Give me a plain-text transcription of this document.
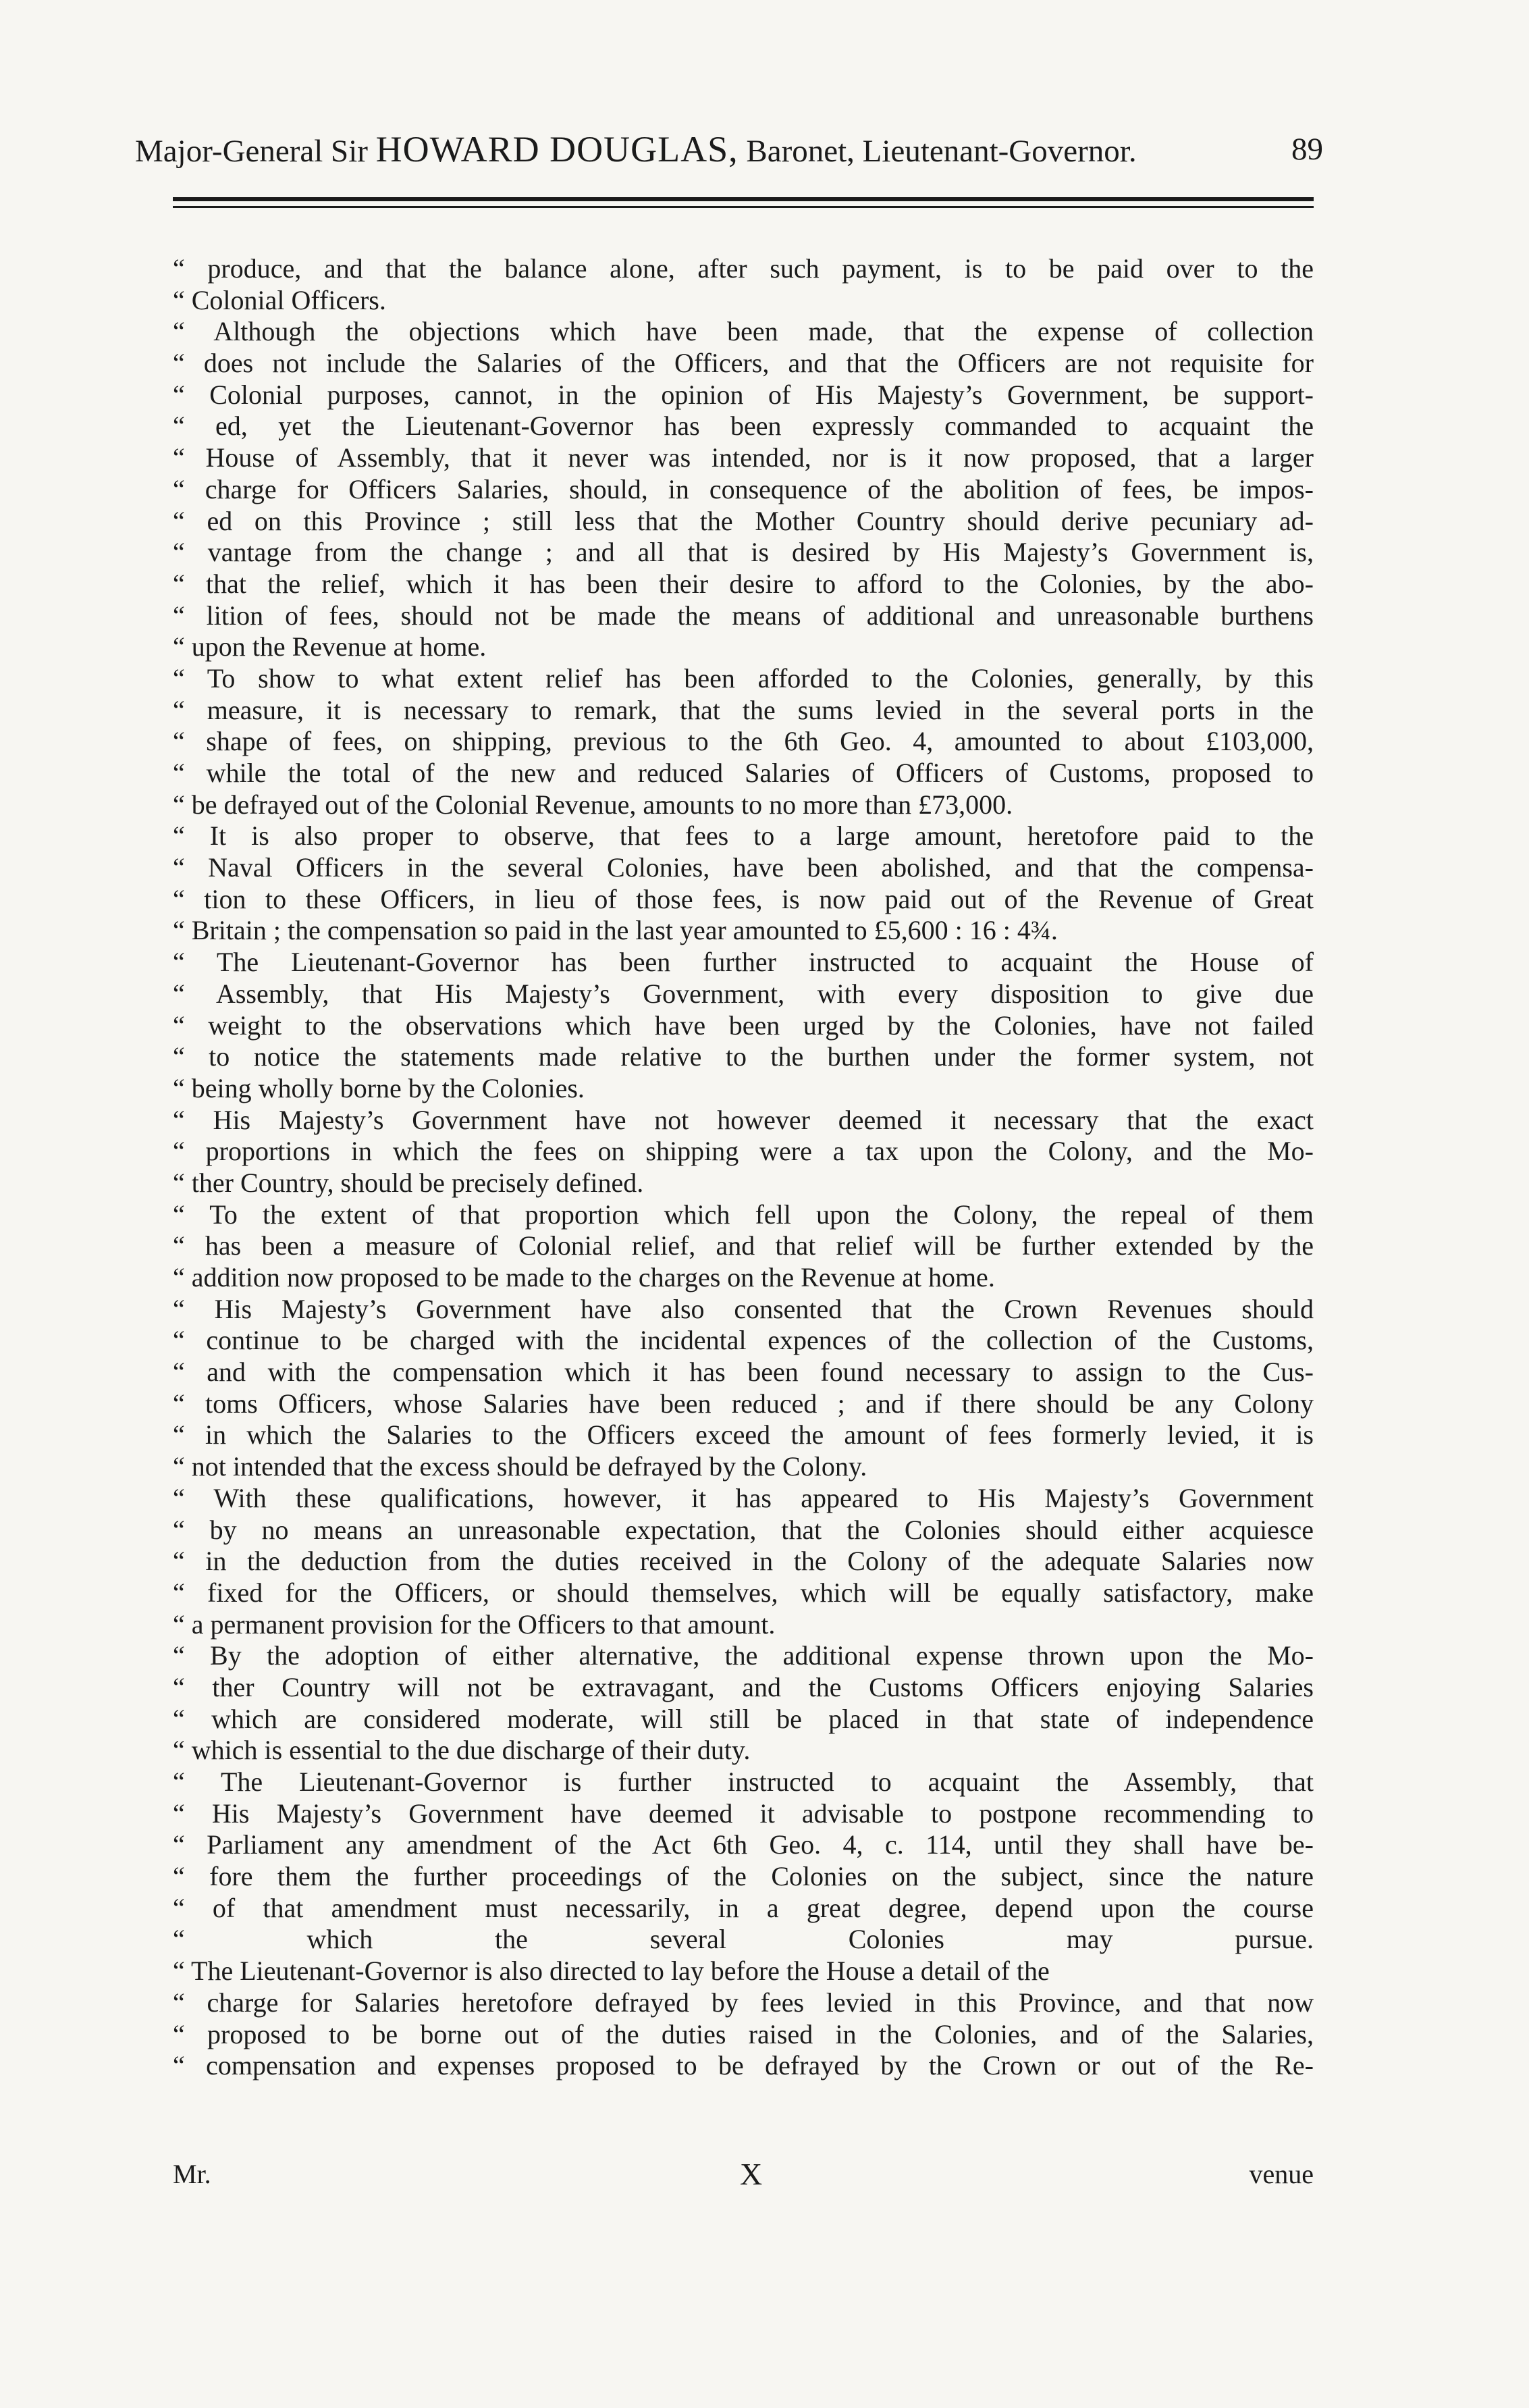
Major-General Sir HOWARD DOUGLAS, Baronet, Lieutenant-Governor.	89
“ produce, and that the balance alone, after such payment, is to be paid over to the
“ Colonial Officers.
“ Although the objections which have been made, that the expense of collection
“ does not include the Salaries of the Officers, and that the Officers are not requisite for
“ Colonial purposes, cannot, in the opinion of His Majesty’s Government, be support-
“ ed, yet the Lieutenant-Governor has been expressly commanded to acquaint the
“ House of Assembly, that it never was intended, nor is it now proposed, that a larger
“ charge for Officers Salaries, should, in consequence of the abolition of fees, be impos-
“ ed on this Province ; still less that the Mother Country should derive pecuniary ad-
“ vantage from the change ; and all that is desired by His Majesty’s Government is,
“ that the relief, which it has been their desire to afford to the Colonies, by the abo-
“ lition of fees, should not be made the means of additional and unreasonable burthens
“ upon the Revenue at home.
“ To show to what extent relief has been afforded to the Colonies, generally, by this
“ measure, it is necessary to remark, that the sums levied in the several ports in the
“ shape of fees, on shipping, previous to the 6th Geo. 4, amounted to about £103,000,
“ while the total of the new and reduced Salaries of Officers of Customs, proposed to
“ be defrayed out of the Colonial Revenue, amounts to no more than £73,000.
“ It is also proper to observe, that fees to a large amount, heretofore paid to the
“ Naval Officers in the several Colonies, have been abolished, and that the compensa-
“ tion to these Officers, in lieu of those fees, is now paid out of the Revenue of Great
“ Britain ; the compensation so paid in the last year amounted to £5,600 : 16 : 4¾.
“ The Lieutenant-Governor has been further instructed to acquaint the House of
“ Assembly, that His Majesty’s Government, with every disposition to give due
“ weight to the observations which have been urged by the Colonies, have not failed
“ to notice the statements made relative to the burthen under the former system, not
“ being wholly borne by the Colonies.
“ His Majesty’s Government have not however deemed it necessary that the exact
“ proportions in which the fees on shipping were a tax upon the Colony, and the Mo-
“ ther Country, should be precisely defined.
“ To the extent of that proportion which fell upon the Colony, the repeal of them
“ has been a measure of Colonial relief, and that relief will be further extended by the
“ addition now proposed to be made to the charges on the Revenue at home.
“ His Majesty’s Government have also consented that the Crown Revenues should
“ continue to be charged with the incidental expences of the collection of the Customs,
“ and with the compensation which it has been found necessary to assign to the Cus-
“ toms Officers, whose Salaries have been reduced ; and if there should be any Colony
“ in which the Salaries to the Officers exceed the amount of fees formerly levied, it is
“ not intended that the excess should be defrayed by the Colony.
“ With these qualifications, however, it has appeared to His Majesty’s Government
“ by no means an unreasonable expectation, that the Colonies should either acquiesce
“ in the deduction from the duties received in the Colony of the adequate Salaries now
“ fixed for the Officers, or should themselves, which will be equally satisfactory, make
“ a permanent provision for the Officers to that amount.
“ By the adoption of either alternative, the additional expense thrown upon the Mo-
“ ther Country will not be extravagant, and the Customs Officers enjoying Salaries
“ which are considered moderate, will still be placed in that state of independence
“ which is essential to the due discharge of their duty.
“ The Lieutenant-Governor is further instructed to acquaint the Assembly, that
“ His Majesty’s Government have deemed it advisable to postpone recommending to
“ Parliament any amendment of the Act 6th Geo. 4, c. 114, until they shall have be-
“ fore them the further proceedings of the Colonies on the subject, since the nature
“ of that amendment must necessarily, in a great degree, depend upon the course
“ which the several Colonies may pursue.
“ The Lieutenant-Governor is also directed to lay before the House a detail of the
“ charge for Salaries heretofore defrayed by fees levied in this Province, and that now
“ proposed to be borne out of the duties raised in the Colonies, and of the Salaries,
“ compensation and expenses proposed to be defrayed by the Crown or out of the Re-
Mr.	X	venue
